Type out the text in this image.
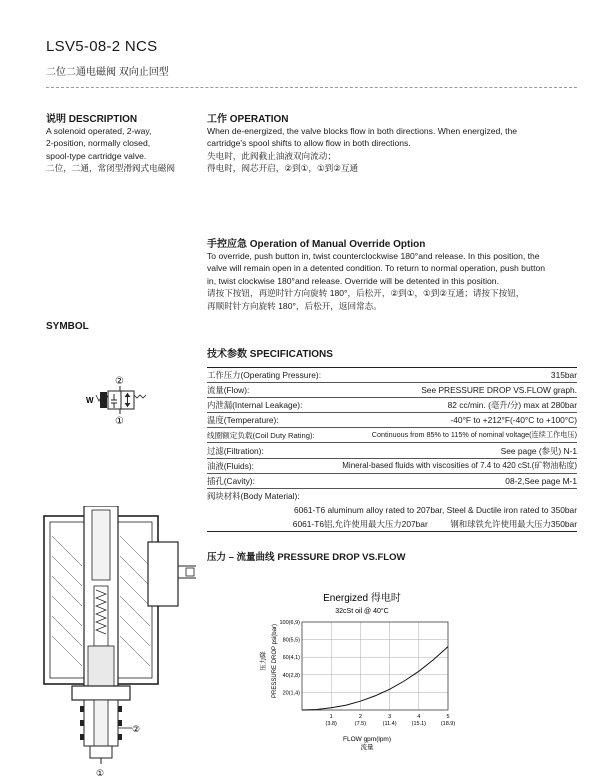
LSV5-08-2 NCS
二位二通电磁阀 双向止回型
说明 DESCRIPTION
A solenoid operated, 2-way,
2-position, normally closed,
spool-type cartridge valve.
二位，二通，常闭型滑阀式电磁阀
工作 OPERATION
When de-energized, the valve blocks flow in both directions. When energized, the
cartridge's spool shifts to allow flow in both directions.
失电时，此阀截止油液双向流动；
得电时，阀芯开启，②到①，①到②互通
手控应急 Operation of Manual Override Option
To override, push button in, twist counterclockwise 180°and release. In this position, the
valve will remain open in a detented condition. To return to normal operation, push button
in, twist clockwise 180°and release. Override will be detented in this position.
请按下按钮，再逆时针方向旋转 180°，后松开，②到①，①到②互通；请按下按钮，
再顺时针方向旋转 180°，后松开，返回常态。
SYMBOL
②
W
①
技术参数 SPECIFICATIONS
工作压力(Operating Pressure):	315bar
流量(Flow):	See PRESSURE DROP VS.FLOW graph.
内泄漏(Internal Leakage):	82 cc/min. (毫升/分) max at 280bar
温度(Temperature):	-40°F to +212°F(-40°C to +100°C)
线圈额定负载(Coil Duty Rating):	Continuous from 85% to 115% of nominal voltage(连续工作电压)
过滤(Filtration):	See page (参见) N-1
油液(Fluids):	Mineral-based fluids with viscosities of 7.4 to 420 cSt.(矿物油粘度)
插孔(Cavity):	08-2,See page M-1
阀块材料(Body Material):
6061-T6 aluminum alloy rated to 207bar, Steel & Ductile iron rated to 350bar
6061-T6铝,允许使用最大压力207bar	钢和球铁允许使用最大压力350bar
压力 – 流量曲线 PRESSURE DROP VS.FLOW
②
①
Energized 得电时
32cSt oil @ 40°C
PRESSURE DROP psi(bar)
压力降
20(1,4)
40(2,8)
60(4,1)
80(5,5)
100(6,9)
1
(3.8)
2
(7.5)
3
(11.4)
4
(15.1)
5
(18.9)
FLOW gpm(lpm)
流量
